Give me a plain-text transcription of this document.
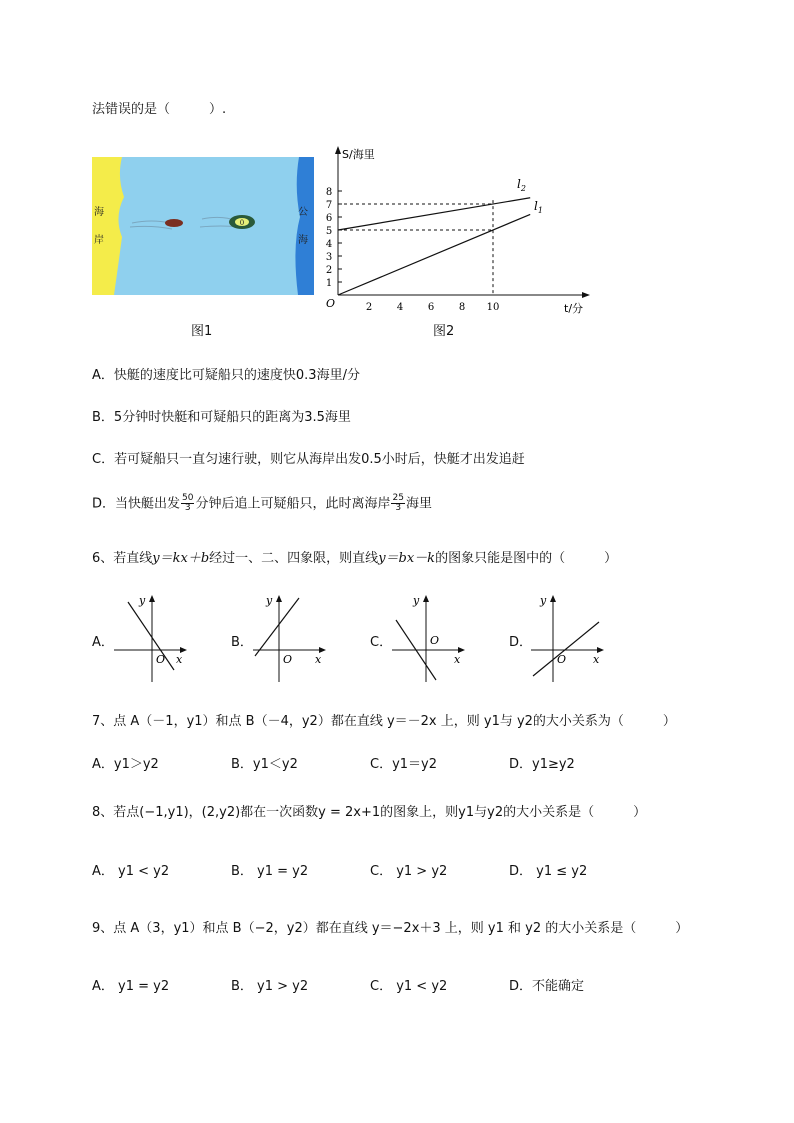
法错误的是（　　　）.
0
海
岸
公
海
图1
S/海里
t/分
O
1
2
3
4
5
6
7
8
2 4 6 8 10
$l_2$
$l_1$
图2
A．快艇的速度比可疑船只的速度快0.3海里/分
B．5分钟时快艇和可疑船只的距离为3.5海里
C．若可疑船只一直匀速行驶，则它从海岸出发0.5小时后，快艇才出发追赶
D．当快艇出发 $\frac{50}{3}$ 分钟后追上可疑船只，此时离海岸 $\frac{25}{3}$ 海里
6、若直线y＝kx＋b经过一、二、四象限，则直线y＝bx－k的图象只能是图中的（　　　）
A．	B．	C．	D．
y
x
O
y
x
O
y
x
O
y
x
O
7、点 A（－1，y1）和点 B（－4，y2）都在直线 y＝－2x 上，则 y1与 y2的大小关系为（　　　）
A．y1＞y2	B．y1＜y2	C．y1＝y2	D．y1≥y2
8、若点(−1,y1)，(2,y2)都在一次函数y = 2x+1的图象上，则y1与y2的大小关系是（　　　）
A． y1 < y2	B． y1 = y2	C． y1 > y2	D． y1 ≤ y2
9、点 A（3，y1）和点 B（−2，y2）都在直线 y＝−2x＋3 上，则 y1 和 y2 的大小关系是（　　　）
A． y1 = y2	B． y1 > y2	C． y1 < y2	D．不能确定
